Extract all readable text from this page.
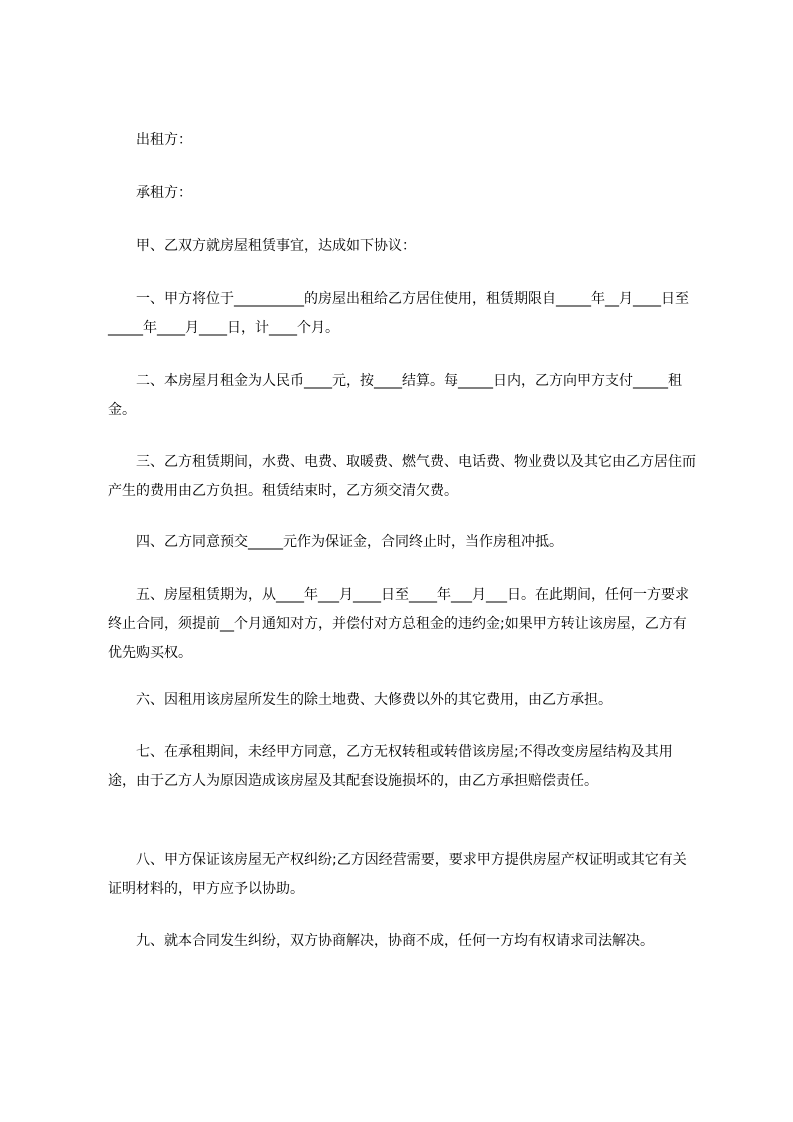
出租方：

承租方：

甲、乙双方就房屋租赁事宜，达成如下协议：

一、甲方将位于__________的房屋出租给乙方居住使用，租赁期限自_____年__月____日至_____年____月____日，计____个月。

二、本房屋月租金为人民币____元，按____结算。每_____日内，乙方向甲方支付_____租金。

三、乙方租赁期间，水费、电费、取暖费、燃气费、电话费、物业费以及其它由乙方居住而产生的费用由乙方负担。租赁结束时，乙方须交清欠费。

四、乙方同意预交_____元作为保证金，合同终止时，当作房租冲抵。

五、房屋租赁期为，从____年___月____日至____年___月___日。在此期间，任何一方要求终止合同，须提前__个月通知对方，并偿付对方总租金的违约金;如果甲方转让该房屋，乙方有优先购买权。

六、因租用该房屋所发生的除土地费、大修费以外的其它费用，由乙方承担。

七、在承租期间，未经甲方同意，乙方无权转租或转借该房屋;不得改变房屋结构及其用途，由于乙方人为原因造成该房屋及其配套设施损坏的，由乙方承担赔偿责任。

八、甲方保证该房屋无产权纠纷;乙方因经营需要，要求甲方提供房屋产权证明或其它有关证明材料的，甲方应予以协助。

九、就本合同发生纠纷，双方协商解决，协商不成，任何一方均有权请求司法解决。
